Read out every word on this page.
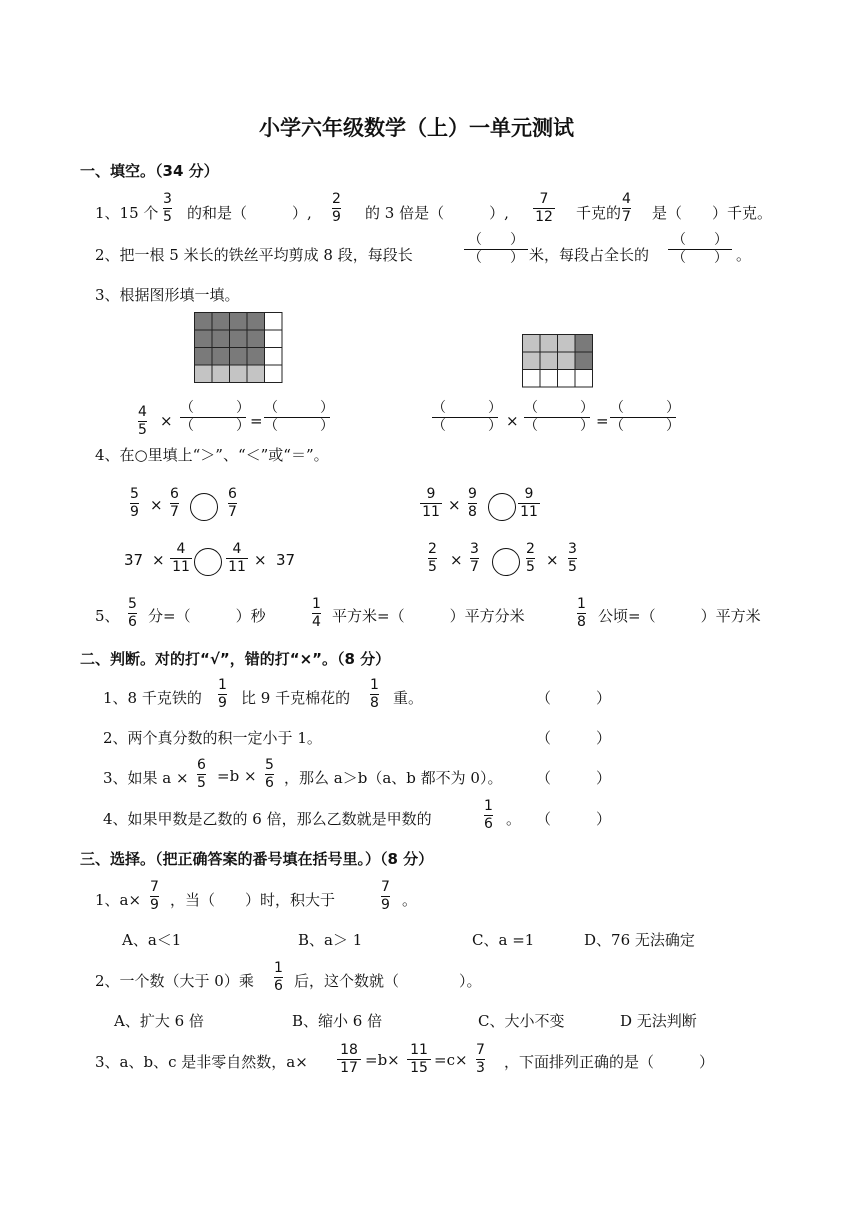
小学六年级数学（上）一单元测试
一、填空。（34 分）
1、15 个
3
5 的和是（　　　）,
2
9 的 3 倍是（　　　）,
7
12 千克的
4
7 是（　　）千克。
2、把一根 5 米长的铁丝平均剪成 8 段，每段长
（　　）
（　　） 米，每段占全长的
（　　）
（　　） 。
3、根据图形填一填。
4
5 ×
（　　　）
（　　　） =
（　　　）
（　　　）
（　　　）
（　　　） ×
（　　　）
（　　　） =
（　　　）
（　　　）
4、在○里填上“＞”、“＜”或“＝”。
5
9 ×
6
7
6
7
9
11 ×
9
8
9
11
37 ×
4
11
4
11 × 37
2
5 ×
3
7
2
5 ×
3
5
5、
5
6 分=（　　　）秒
1
4 平方米=（　　　）平方分米
1
8 公顷=（　　　）平方米
二、判断。对的打“√”，错的打“×”。（8 分）
1、8 千克铁的
1
9 比 9 千克棉花的
1
8 重。	（　　　）
2、两个真分数的积一定小于 1。	（　　　）
3、如果 a ×
6
5 =b ×
5
6 ，那么 a＞b（a、b 都不为 0）。 （　　　）
4、如果甲数是乙数的 6 倍，那么乙数就是甲数的
1
6 。 （　　　）
三、选择。（把正确答案的番号填在括号里。）（8 分）
1、a×
7
9 ，当（　　）时，积大于
7
9 。
A、a＜1	B、a＞ 1	C、a =1	D、76 无法确定
2、一个数（大于 0）乘
1
6 后，这个数就（　　　　）。
A、扩大 6 倍	B、缩小 6 倍	C、大小不变	D 无法判断
3、a、b、c 是非零自然数，a×
18
17 =b×
11
15 =c×
7
3 ，下面排列正确的是（　　　）
